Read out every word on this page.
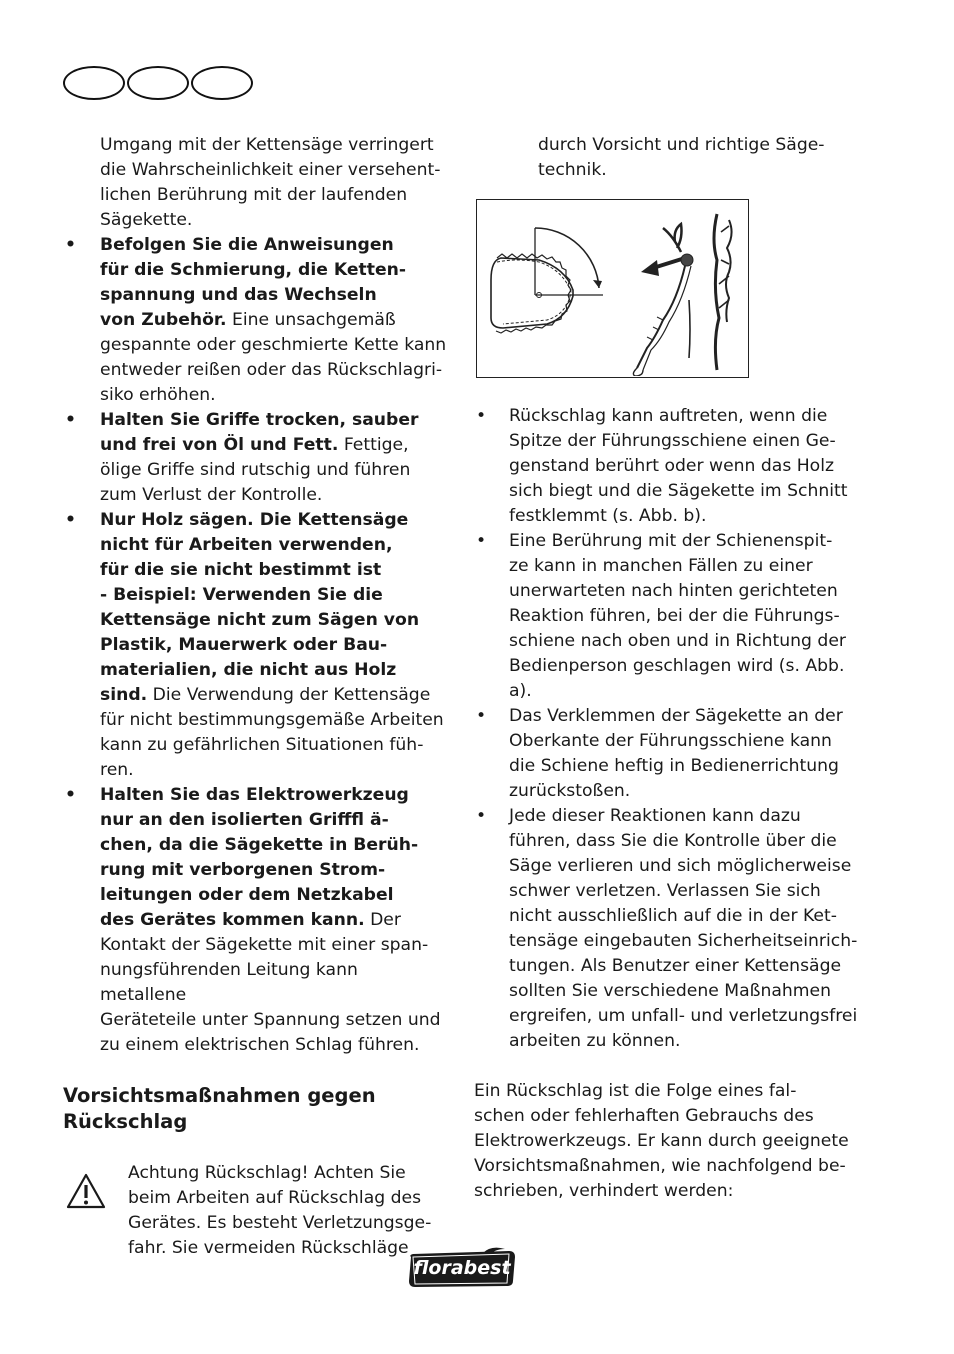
Umgang mit der Kettensäge verringert
die Wahrscheinlichkeit einer versehent-
lichen Berührung mit der laufenden
Sägekette.

• Befolgen Sie die Anweisungen
für die Schmierung, die Ketten-
spannung und das Wechseln
von Zubehör. Eine unsachgemäß
gespannte oder geschmierte Kette kann
entweder reißen oder das Rückschlagri-
siko erhöhen.

• Halten Sie Griffe trocken, sauber
und frei von Öl und Fett. Fettige,
ölige Griffe sind rutschig und führen
zum Verlust der Kontrolle.

• Nur Holz sägen. Die Kettensäge
nicht für Arbeiten verwenden,
für die sie nicht bestimmt ist
- Beispiel: Verwenden Sie die
Kettensäge nicht zum Sägen von
Plastik, Mauerwerk oder Bau-
materialien, die nicht aus Holz
sind. Die Verwendung der Kettensäge
für nicht bestimmungsgemäße Arbeiten
kann zu gefährlichen Situationen füh-
ren.

• Halten Sie das Elektrowerkzeug
nur an den isolierten Grifffl ä-
chen, da die Sägekette in Berüh-
rung mit verborgenen Strom-
leitungen oder dem Netzkabel
des Gerätes kommen kann. Der
Kontakt der Sägekette mit einer span-
nungsführenden Leitung kann metallene
Geräteteile unter Spannung setzen und
zu einem elektrischen Schlag führen.

Vorsichtsmaßnahmen gegen
Rückschlag

Achtung Rückschlag! Achten Sie
beim Arbeiten auf Rückschlag des
Gerätes. Es besteht Verletzungsge-
fahr. Sie vermeiden Rückschläge

durch Vorsicht und richtige Säge-
technik.

• Rückschlag kann auftreten, wenn die
Spitze der Führungsschiene einen Ge-
genstand berührt oder wenn das Holz
sich biegt und die Sägekette im Schnitt
festklemmt (s. Abb. b).

• Eine Berührung mit der Schienenspit-
ze kann in manchen Fällen zu einer
unerwarteten nach hinten gerichteten
Reaktion führen, bei der die Führungs-
schiene nach oben und in Richtung der
Bedienperson geschlagen wird (s. Abb.
a).

• Das Verklemmen der Sägekette an der
Oberkante der Führungsschiene kann
die Schiene heftig in Bedienerrichtung
zurückstoßen.

• Jede dieser Reaktionen kann dazu
führen, dass Sie die Kontrolle über die
Säge verlieren und sich möglicherweise
schwer verletzen. Verlassen Sie sich
nicht ausschließlich auf die in der Ket-
tensäge eingebauten Sicherheitseinrich-
tungen. Als Benutzer einer Kettensäge
sollten Sie verschiedene Maßnahmen
ergreifen, um unfall- und verletzungsfrei
arbeiten zu können.

Ein Rückschlag ist die Folge eines fal-
schen oder fehlerhaften Gebrauchs des
Elektrowerkzeugs. Er kann durch geeignete
Vorsichtsmaßnahmen, wie nachfolgend be-
schrieben, verhindert werden:

florabest
